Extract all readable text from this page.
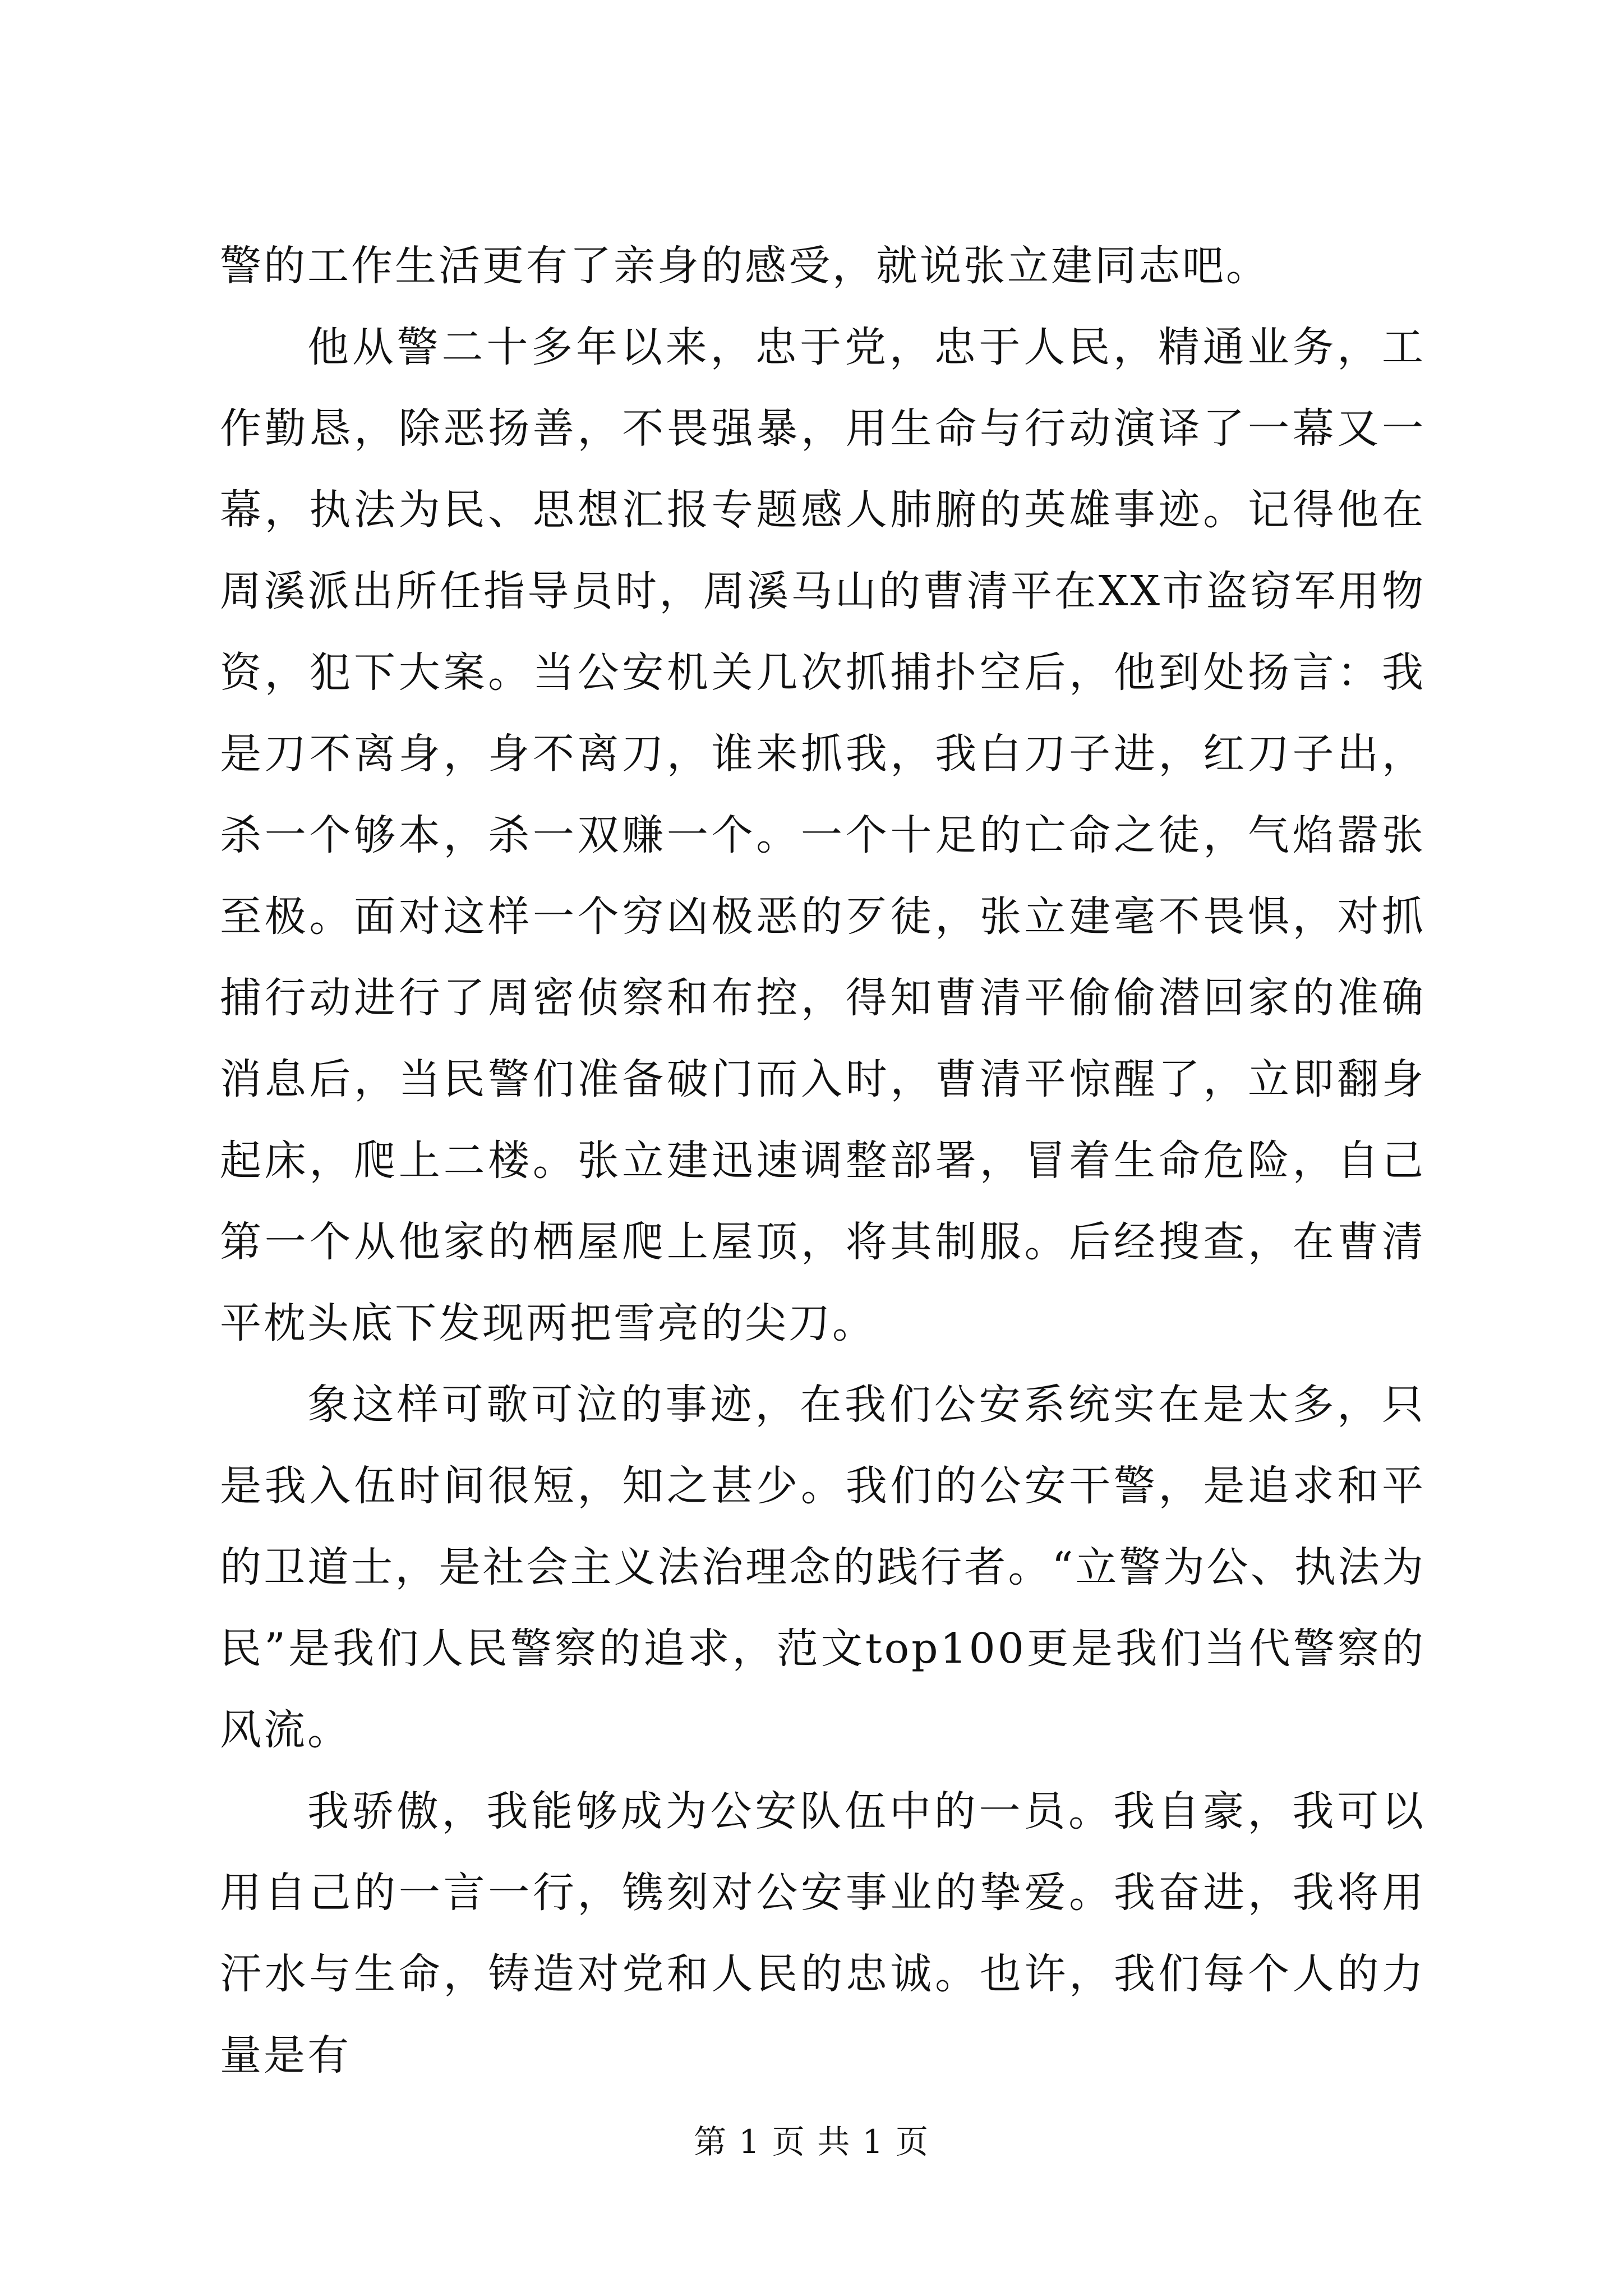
警的工作生活更有了亲身的感受，就说张立建同志吧。

他从警二十多年以来，忠于党，忠于人民，精通业务，工作勤恳，除恶扬善，不畏强暴，用生命与行动演译了一幕又一幕，执法为民、思想汇报专题感人肺腑的英雄事迹。记得他在周溪派出所任指导员时，周溪马山的曹清平在XX市盗窃军用物资，犯下大案。当公安机关几次抓捕扑空后，他到处扬言：我是刀不离身，身不离刀，谁来抓我，我白刀子进，红刀子出，杀一个够本，杀一双赚一个。一个十足的亡命之徒，气焰嚣张至极。面对这样一个穷凶极恶的歹徒，张立建毫不畏惧，对抓捕行动进行了周密侦察和布控，得知曹清平偷偷潜回家的准确消息后，当民警们准备破门而入时，曹清平惊醒了，立即翻身起床，爬上二楼。张立建迅速调整部署，冒着生命危险，自己第一个从他家的栖屋爬上屋顶，将其制服。后经搜查，在曹清平枕头底下发现两把雪亮的尖刀。

象这样可歌可泣的事迹，在我们公安系统实在是太多，只是我入伍时间很短，知之甚少。我们的公安干警，是追求和平的卫道士，是社会主义法治理念的践行者。“立警为公、执法为民”是我们人民警察的追求，范文top100更是我们当代警察的风流。

我骄傲，我能够成为公安队伍中的一员。我自豪，我可以用自己的一言一行，镌刻对公安事业的挚爱。我奋进，我将用汗水与生命，铸造对党和人民的忠诚。也许，我们每个人的力量是有

第 1 页 共 1 页
